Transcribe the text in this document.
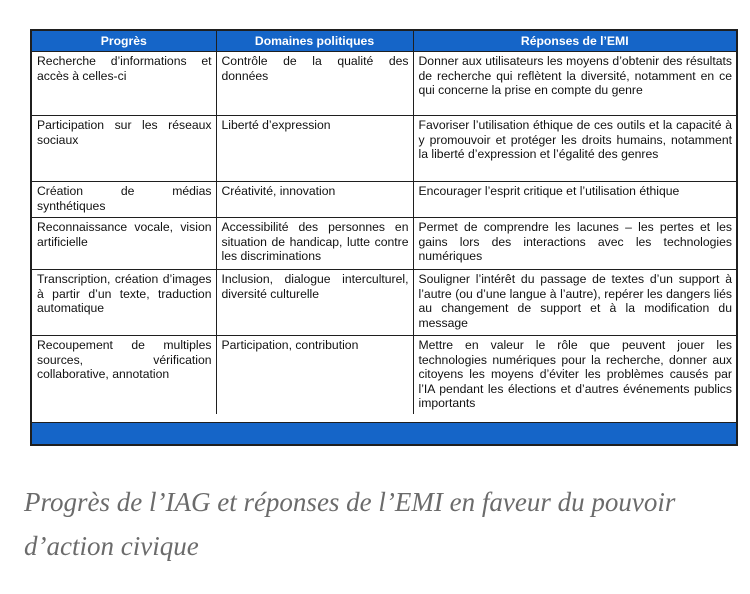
Progrès	Domaines politiques	Réponses de l’EMI
Recherche d’informations et accès à celles-ci	Contrôle de la qualité des données	Donner aux utilisateurs les moyens d’obtenir des résultats de recherche qui reflètent la diversité, notamment en ce qui concerne la prise en compte du genre
Participation sur les réseaux sociaux	Liberté d’expression	Favoriser l’utilisation éthique de ces outils et la capacité à y promouvoir et protéger les droits humains, notamment la liberté d’expression et l’égalité des genres
Création de médias synthétiques	Créativité, innovation	Encourager l’esprit critique et l’utilisation éthique
Reconnaissance vocale, vision artificielle	Accessibilité des personnes en situation de handicap, lutte contre les discriminations	Permet de comprendre les lacunes – les pertes et les gains lors des interactions avec les technologies numériques
Transcription, création d’images à partir d’un texte, traduction automatique	Inclusion, dialogue interculturel, diversité culturelle	Souligner l’intérêt du passage de textes d’un support à l’autre (ou d’une langue à l’autre), repérer les dangers liés au changement de support et à la modification du message
Recoupement de multiples sources, vérification collaborative, annotation	Participation, contribution	Mettre en valeur le rôle que peuvent jouer les technologies numériques pour la recherche, donner aux citoyens les moyens d’éviter les problèmes causés par l’IA pendant les élections et d’autres événements publics importants

Progrès de l’IAG et réponses de l’EMI en faveur du pouvoir d’action civique
